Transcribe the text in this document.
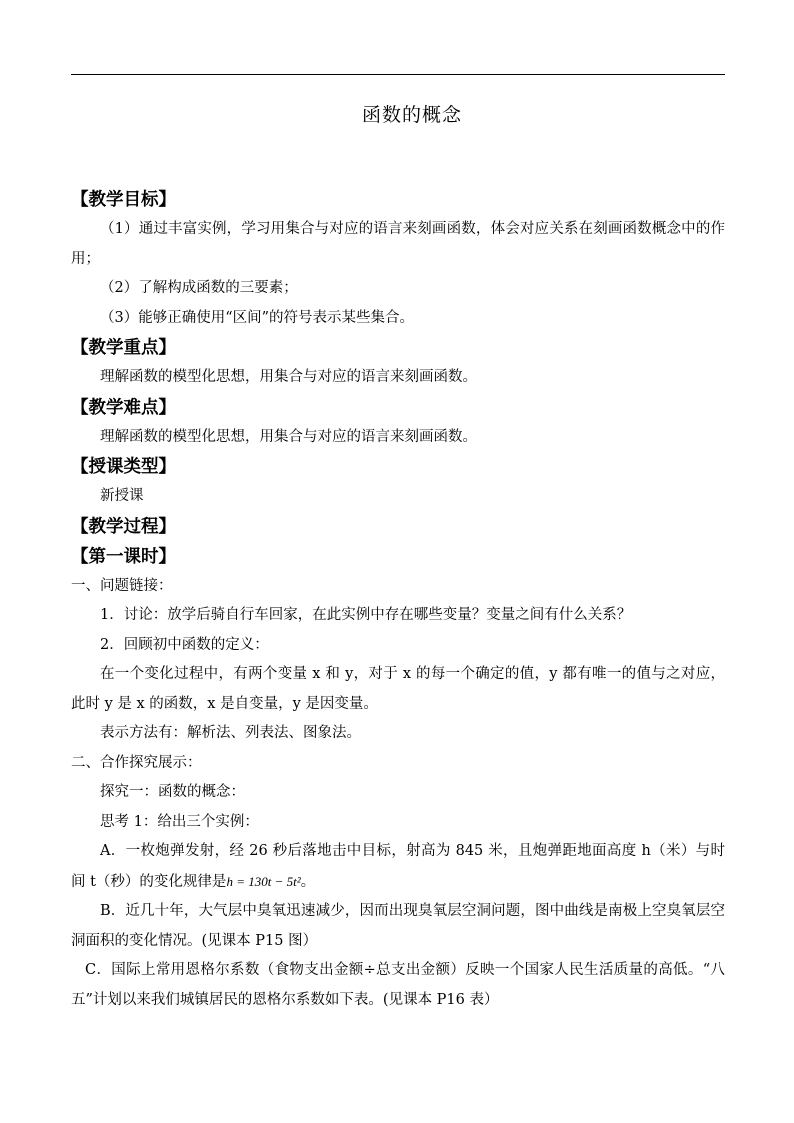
函数的概念
【教学目标】
（1）通过丰富实例，学习用集合与对应的语言来刻画函数，体会对应关系在刻画函数概念中的作用；
（2）了解构成函数的三要素；
（3）能够正确使用“区间”的符号表示某些集合。
【教学重点】
理解函数的模型化思想，用集合与对应的语言来刻画函数。
【教学难点】
理解函数的模型化思想，用集合与对应的语言来刻画函数。
【授课类型】
新授课
【教学过程】
【第一课时】
一、问题链接：
1．讨论：放学后骑自行车回家，在此实例中存在哪些变量？变量之间有什么关系？
2．回顾初中函数的定义：
在一个变化过程中，有两个变量 x 和 y，对于 x 的每一个确定的值，y 都有唯一的值与之对应，此时 y 是 x 的函数，x 是自变量，y 是因变量。
表示方法有：解析法、列表法、图象法。
二、合作探究展示：
探究一：函数的概念：
思考 1：给出三个实例：
A．一枚炮弹发射，经 26 秒后落地击中目标，射高为 845 米，且炮弹距地面高度 h（米）与时间 t（秒）的变化规律是h = 130t − 5t²。
B．近几十年，大气层中臭氧迅速减少，因而出现臭氧层空洞问题，图中曲线是南极上空臭氧层空洞面积的变化情况。(见课本 P15 图）
C．国际上常用恩格尔系数（食物支出金额÷总支出金额）反映一个国家人民生活质量的高低。“八五”计划以来我们城镇居民的恩格尔系数如下表。(见课本 P16 表）
